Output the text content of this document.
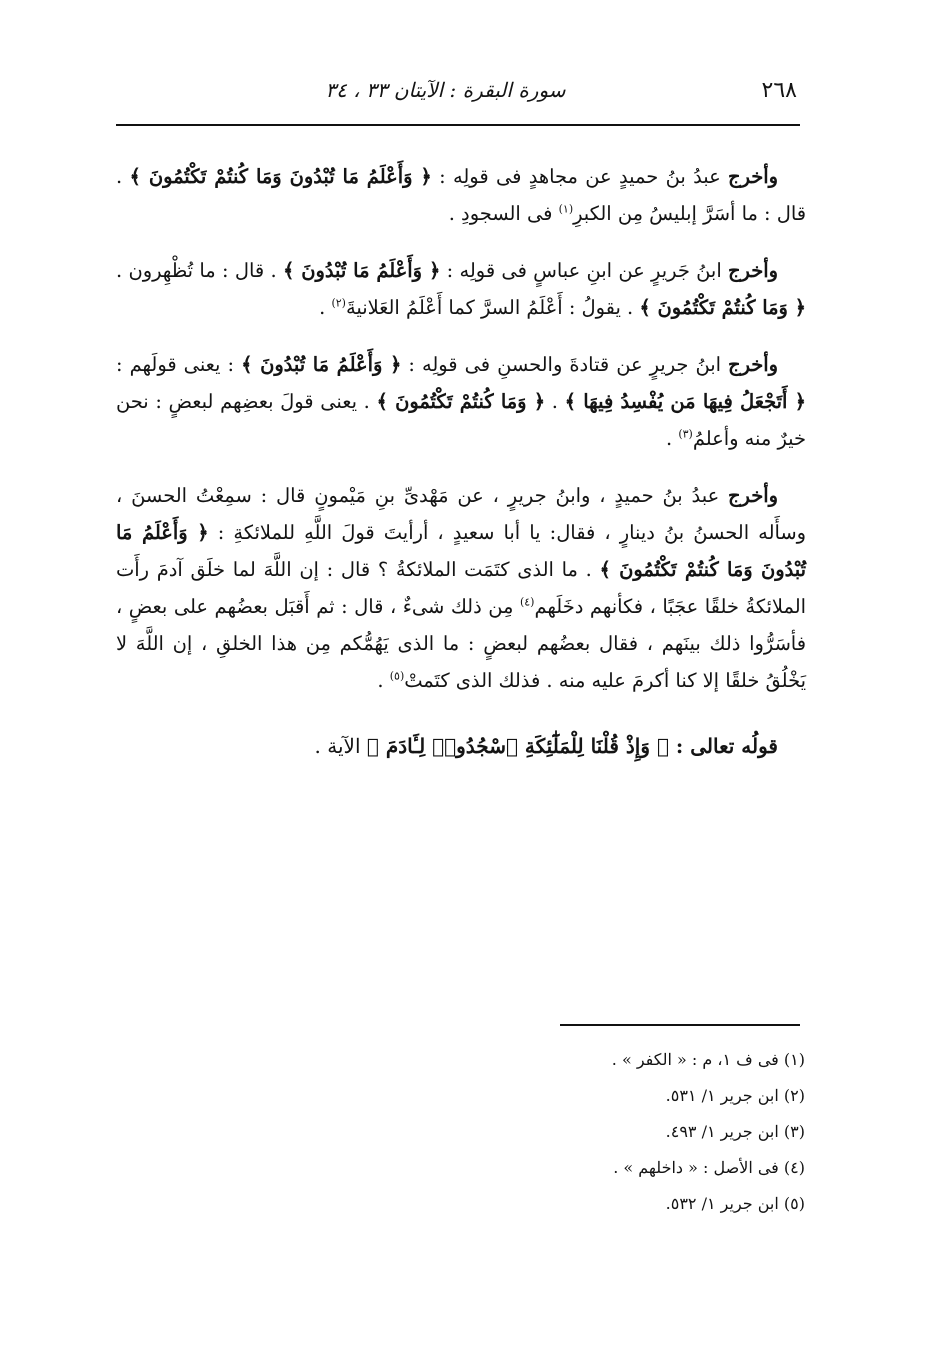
٢٦٨
سورة البقرة : الآيتان ٣٣ ، ٣٤

وأخرج عبدُ بنُ حميدٍ عن مجاهدٍ فى قولِه : ﴿ وَأَعْلَمُ مَا تُبْدُونَ وَمَا كُنتُمْ تَكْتُمُونَ ﴾ . قال : ما أسَرَّ إبليسُ مِن الكبرِ$^{(١)}$ فى السجودِ .

وأخرج ابنُ جَريرٍ عن ابنِ عباسٍ فى قولِه : ﴿ وَأَعْلَمُ مَا تُبْدُونَ ﴾ . قال : ما تُظْهِرون . ﴿ وَمَا كُنتُمْ تَكْتُمُونَ ﴾ . يقولُ : أَعْلَمُ السرَّ كما أَعْلَمُ العَلانيةَ$^{(٢)}$ .

وأخرج ابنُ جريرٍ عن قتادةَ والحسنِ فى قولِه : ﴿ وَأَعْلَمُ مَا تُبْدُونَ ﴾ : يعنى قولَهم : ﴿ أَتَجْعَلُ فِيهَا مَن يُفْسِدُ فِيهَا ﴾ . ﴿ وَمَا كُنتُمْ تَكْتُمُونَ ﴾ . يعنى قولَ بعضِهم لبعضٍ : نحن خيرٌ منه وأعلمُ$^{(٣)}$ .

وأخرج عبدُ بنُ حميدٍ ، وابنُ جريرٍ ، عن مَهْدىِّ بنِ مَيْمونٍ قال : سمِعْتُ الحسنَ ، وسأَله الحسنُ بنُ دينارٍ ، فقال: يا أبا سعيدٍ ، أرأيتَ قولَ اللَّهِ للملائكةِ : ﴿ وَأَعْلَمُ مَا تُبْدُونَ وَمَا كُنتُمْ تَكْتُمُونَ ﴾ . ما الذى كتَمَت الملائكةُ ؟ قال : إن اللَّهَ لما خلَق آدمَ رأَت الملائكةُ خلقًا عجَبًا ، فكأنهم دخَلَهم$^{(٤)}$ مِن ذلك شىءٌ ، قال : ثم أَقبَل بعضُهم على بعضٍ ، فأسَرُّوا ذلك بينَهم ، فقال بعضُهم لبعضٍ : ما الذى يَهُمُّكم مِن هذا الخلقِ ، إن اللَّهَ لا يَخْلُقُ خلقًا إلا كنا أكرمَ عليه منه . فذلك الذى كتَمتْ$^{(٥)}$ .

قولُه تعالى : ﴿ وَإِذْ قُلْنَا لِلْمَلَٰٓئِكَةِ ٱسْجُدُوا۟ لِـَٔادَمَ ﴾ الآية .

(١) فى ف ١، م : « الكفر » .
(٢) ابن جرير ١/ ٥٣١.
(٣) ابن جرير ١/ ٤٩٣.
(٤) فى الأصل : « داخلهم » .
(٥) ابن جرير ١/ ٥٣٢.
